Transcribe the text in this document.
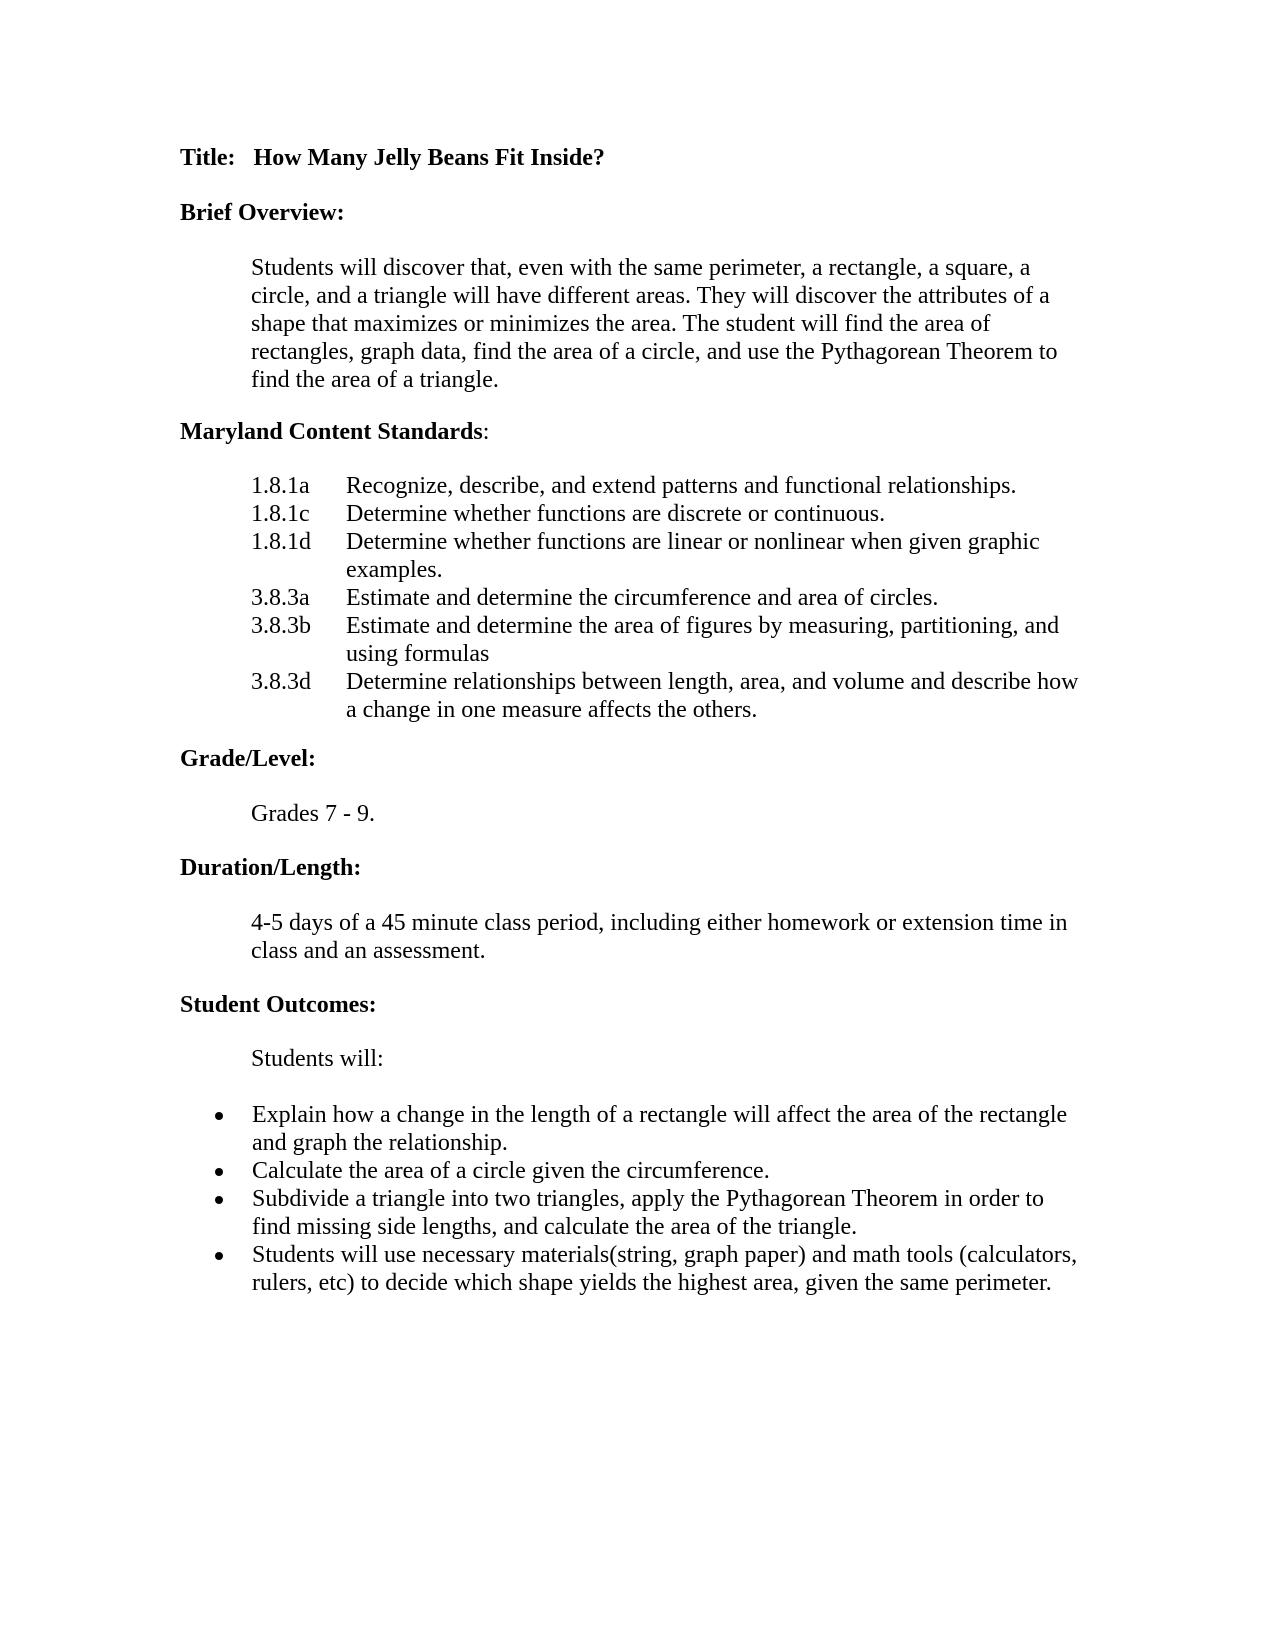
Title: How Many Jelly Beans Fit Inside?
Brief Overview:
Students will discover that, even with the same perimeter, a rectangle, a square, a circle, and a triangle will have different areas. They will discover the attributes of a shape that maximizes or minimizes the area. The student will find the area of rectangles, graph data, find the area of a circle, and use the Pythagorean Theorem to find the area of a triangle.
Maryland Content Standards:
1.8.1a	Recognize, describe, and extend patterns and functional relationships.
1.8.1c	Determine whether functions are discrete or continuous.
1.8.1d	Determine whether functions are linear or nonlinear when given graphic examples.
3.8.3a	Estimate and determine the circumference and area of circles.
3.8.3b	Estimate and determine the area of figures by measuring, partitioning, and using formulas
3.8.3d	Determine relationships between length, area, and volume and describe how a change in one measure affects the others.
Grade/Level:
Grades 7 - 9.
Duration/Length:
4-5 days of a 45 minute class period, including either homework or extension time in class and an assessment.
Student Outcomes:
Students will:
Explain how a change in the length of a rectangle will affect the area of the rectangle and graph the relationship.
Calculate the area of a circle given the circumference.
Subdivide a triangle into two triangles, apply the Pythagorean Theorem in order to find missing side lengths, and calculate the area of the triangle.
Students will use necessary materials(string, graph paper) and math tools (calculators, rulers, etc) to decide which shape yields the highest area, given the same perimeter.
